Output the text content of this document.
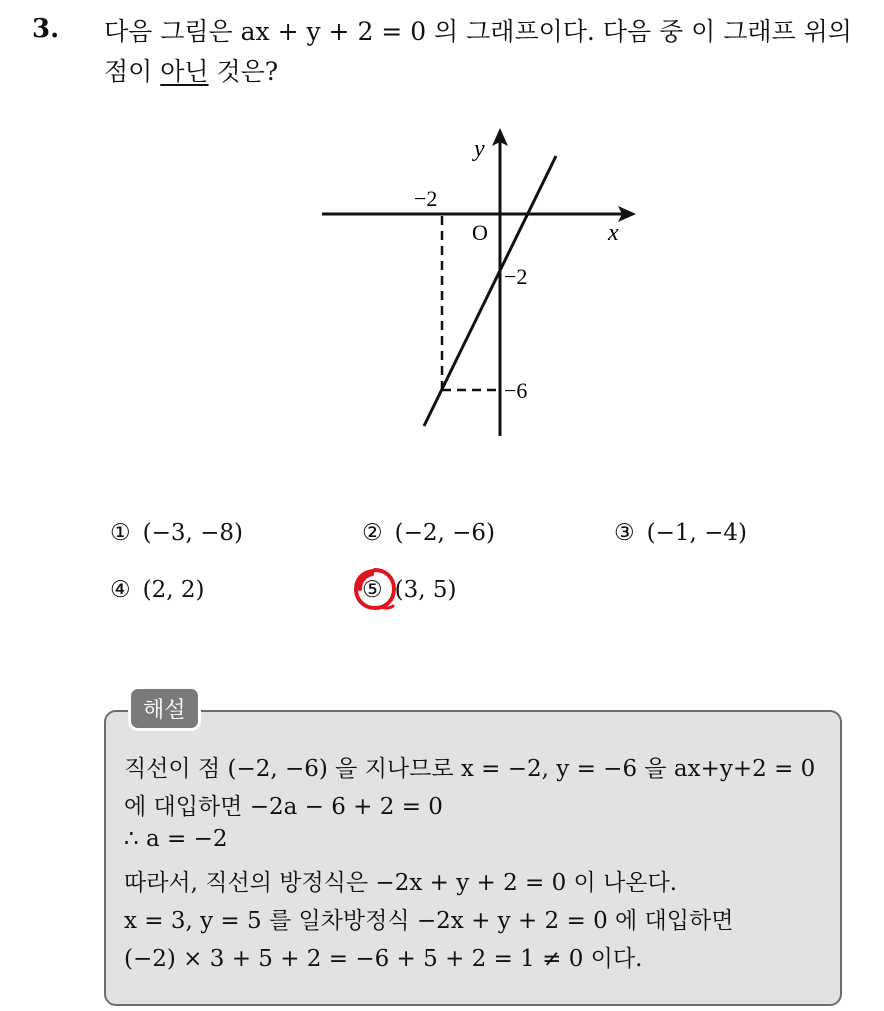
3. 다음 그림은 ax + y + 2 = 0 의 그래프이다. 다음 중 이 그래프 위의
점이 아닌 것은?
y
x
O
−2
−2
−6
① (−3, −8)	② (−2, −6)	③ (−1, −4)
④ (2, 2)	⑤ (3, 5)
해설
직선이 점 (−2, −6) 을 지나므로 x = −2, y = −6 을 ax+y+2 = 0
에 대입하면 −2a − 6 + 2 = 0
∴ a = −2
따라서, 직선의 방정식은 −2x + y + 2 = 0 이 나온다.
x = 3, y = 5 를 일차방정식 −2x + y + 2 = 0 에 대입하면
(−2) × 3 + 5 + 2 = −6 + 5 + 2 = 1 ≠ 0 이다.
